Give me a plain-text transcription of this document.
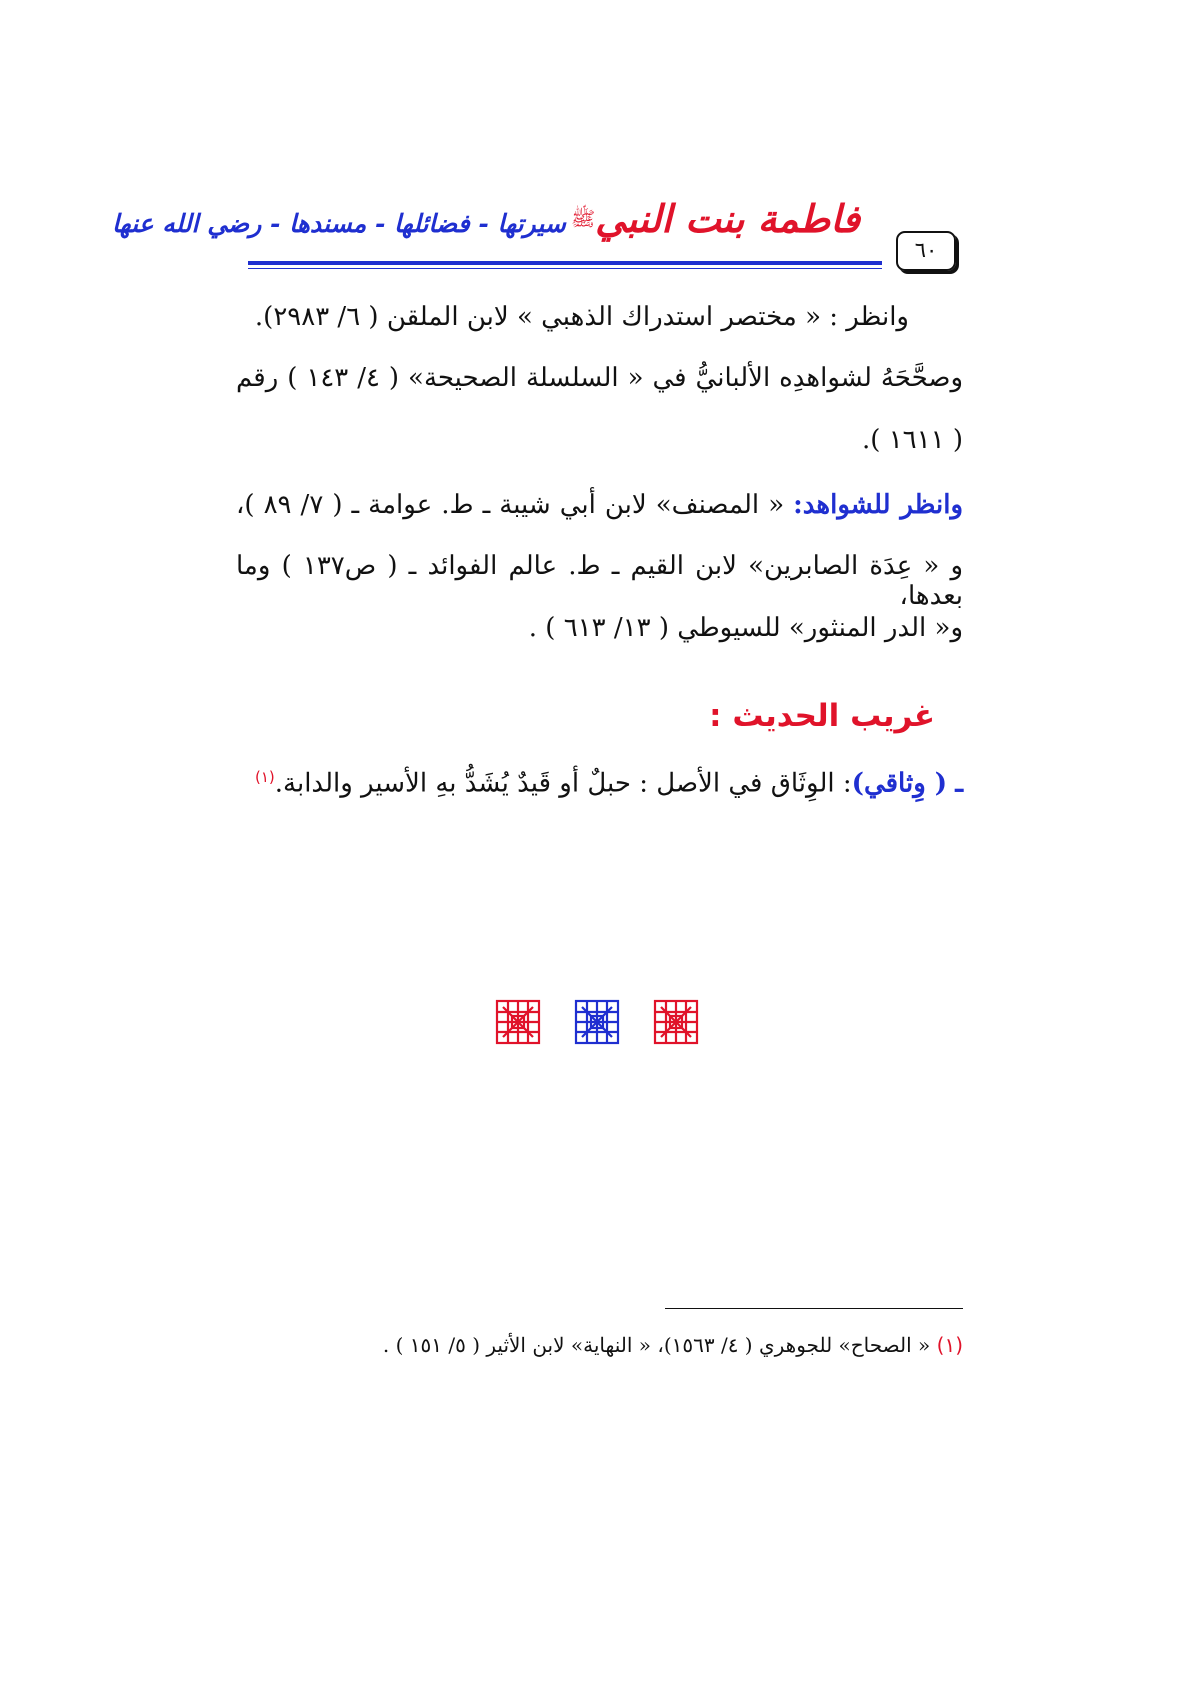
٦٠
فاطمة بنت النبيﷺ سيرتها - فضائلها - مسندها - رضي الله عنها
وانظر : « مختصر استدراك الذهبي » لابن الملقن ( ٦/ ٢٩٨٣).
وصحَّحَهُ لشواهدِه الألبانيُّ في « السلسلة الصحيحة» ( ٤/ ١٤٣ ) رقم
( ١٦١١ ).
وانظر للشواهد: « المصنف» لابن أبي شيبة ـ ط. عوامة ـ ( ٧/ ٨٩ )،
و « عِدَة الصابرين» لابن القيم ـ ط. عالم الفوائد ـ ( ص١٣٧ ) وما بعدها،
و« الدر المنثور» للسيوطي ( ١٣/ ٦١٣ ) .
غريب الحديث :
ـ ( وِثاقي): الوِثَاق في الأصل : حبلٌ أو قَيدٌ يُشَدُّ بهِ الأسير والدابة.$^{(١)}$
(١) « الصحاح» للجوهري ( ٤/ ١٥٦٣)، « النهاية» لابن الأثير ( ٥/ ١٥١ ) .
